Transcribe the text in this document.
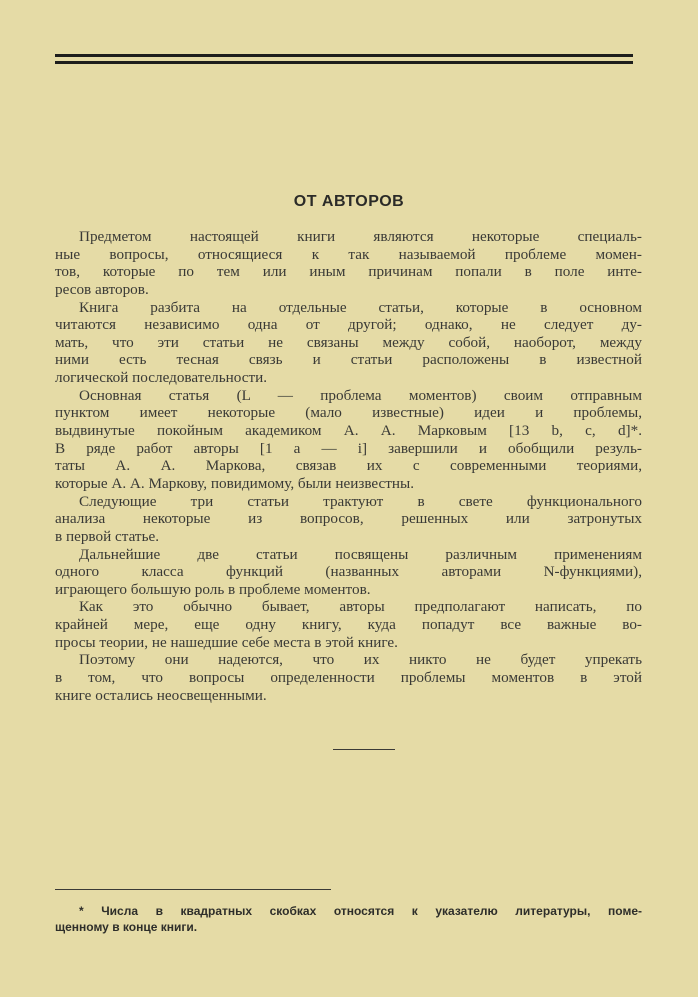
ОТ АВТОРОВ
Предметом настоящей книги являются некоторые специаль-
ные вопросы, относящиеся к так называемой проблеме момен-
тов, которые по тем или иным причинам попали в поле инте-
ресов авторов.
Книга разбита на отдельные статьи, которые в основном
читаются независимо одна от другой; однако, не следует ду-
мать, что эти статьи не связаны между собой, наоборот, между
ними есть тесная связь и статьи расположены в известной
логической последовательности.
Основная статья (L — проблема моментов) своим отправным
пунктом имеет некоторые (мало известные) идеи и проблемы,
выдвинутые покойным академиком А. А. Марковым [13 b, c, d]*.
В ряде работ авторы [1 a — i] завершили и обобщили резуль-
таты А. А. Маркова, связав их с современными теориями,
которые А. А. Маркову, повидимому, были неизвестны.
Следующие три статьи трактуют в свете функционального
анализа некоторые из вопросов, решенных или затронутых
в первой статье.
Дальнейшие две статьи посвящены различным применениям
одного класса функций (названных авторами N-функциями),
играющего большую роль в проблеме моментов.
Как это обычно бывает, авторы предполагают написать, по
крайней мере, еще одну книгу, куда попадут все важные во-
просы теории, не нашедшие себе места в этой книге.
Поэтому они надеются, что их никто не будет упрекать
в том, что вопросы определенности проблемы моментов в этой
книге остались неосвещенными.
* Числа в квадратных скобках относятся к указателю литературы, поме-
щенному в конце книги.
